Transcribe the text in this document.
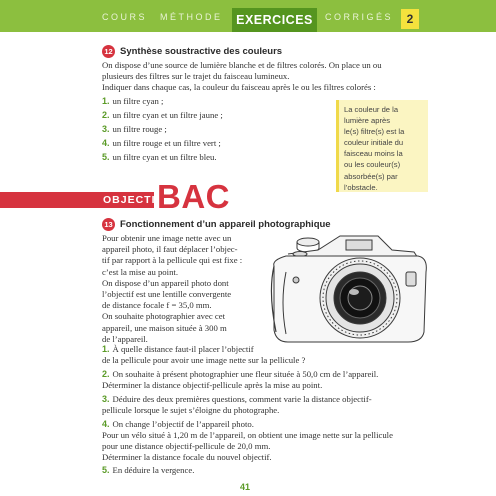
COURS MÉTHODE	EXERCICES	CORRIGÉS	2
12 Synthèse soustractive des couleurs
On dispose d’une source de lumière blanche et de filtres colorés. On place un ou
plusieurs des filtres sur le trajet du faisceau lumineux.
Indiquer dans chaque cas, la couleur du faisceau après le ou les filtres colorés :
1. un filtre cyan ;
2. un filtre cyan et un filtre jaune ;
3. un filtre rouge ;
4. un filtre rouge et un filtre vert ;
5. un filtre cyan et un filtre bleu.
La couleur de la
lumière après
le(s) filtre(s) est la
couleur initiale du
faisceau moins la
ou les couleur(s)
absorbée(s) par
l’obstacle.
OBJECTIF
BAC
13 Fonctionnement d’un appareil photographique
Pour obtenir une image nette avec un
appareil photo, il faut déplacer l’objec-
tif par rapport à la pellicule qui est fixe :
c’est la mise au point.
On dispose d’un appareil photo dont
l’objectif est une lentille convergente
de distance focale f = 35,0 mm.
On souhaite photographier avec cet
appareil, une maison située à 300 m
de l’appareil.
1. À quelle distance faut-il placer l’objectif
de la pellicule pour avoir une image nette sur la pellicule ?
2. On souhaite à présent photographier une fleur située à 50,0 cm de l’appareil.
Déterminer la distance objectif-pellicule après la mise au point.
3. Déduire des deux premières questions, comment varie la distance objectif-
pellicule lorsque le sujet s’éloigne du photographe.
4. On change l’objectif de l’appareil photo.
Pour un vélo situé à 1,20 m de l’appareil, on obtient une image nette sur la pellicule
pour une distance objectif-pellicule de 20,0 mm.
Déterminer la distance focale du nouvel objectif.
5. En déduire la vergence.
41
